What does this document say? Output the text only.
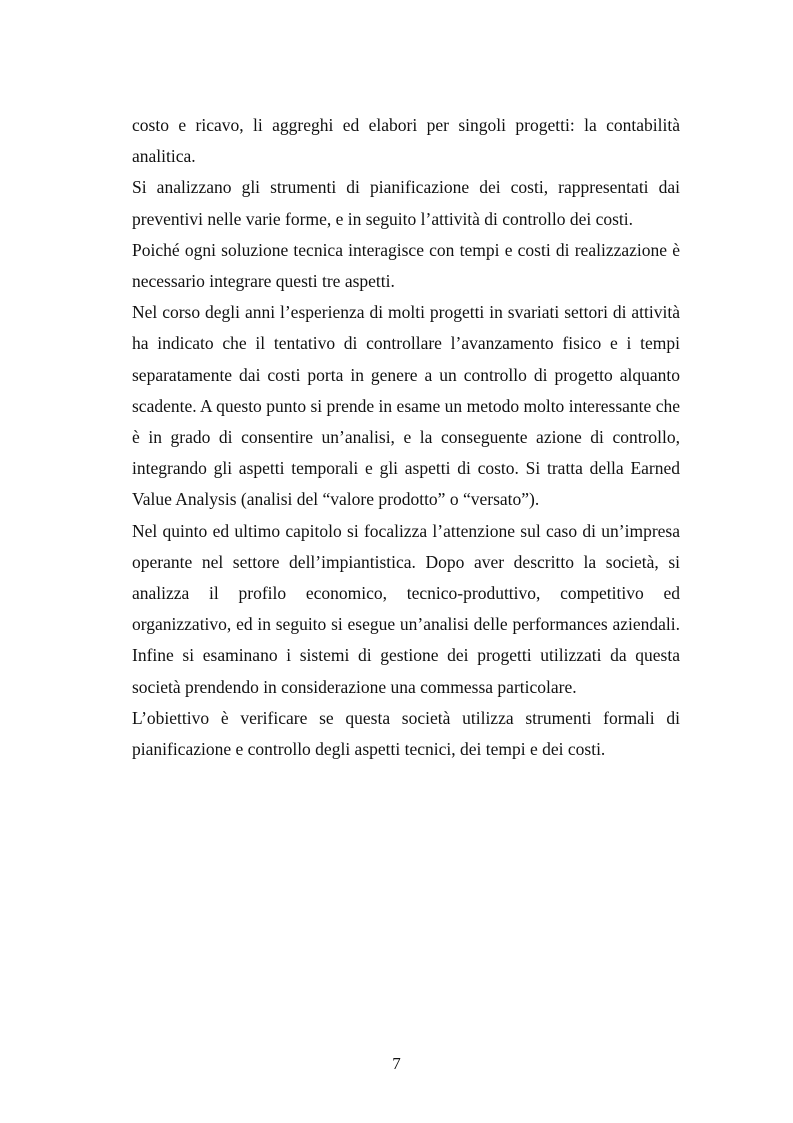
costo e ricavo, li aggreghi ed elabori per singoli progetti: la contabilità analitica.

Si analizzano gli strumenti di pianificazione dei costi, rappresentati dai preventivi nelle varie forme, e in seguito l’attività di controllo dei costi.

Poiché ogni soluzione tecnica interagisce con tempi e costi di realizzazione è necessario integrare questi tre aspetti.

Nel corso degli anni l’esperienza di molti progetti in svariati settori di attività ha indicato che il tentativo di controllare l’avanzamento fisico e i tempi separatamente dai costi porta in genere a un controllo di progetto alquanto scadente. A questo punto si prende in esame un metodo molto interessante che è in grado di consentire un’analisi, e la conseguente azione di controllo, integrando gli aspetti temporali e gli aspetti di costo. Si tratta della Earned Value Analysis (analisi del “valore prodotto” o “versato”).

Nel quinto ed ultimo capitolo si focalizza l’attenzione sul caso di un’impresa operante nel settore dell’impiantistica. Dopo aver descritto la società, si analizza il profilo economico, tecnico-produttivo, competitivo ed organizzativo, ed in seguito si esegue un’analisi delle performances aziendali. Infine si esaminano i sistemi di gestione dei progetti utilizzati da questa società prendendo in considerazione una commessa particolare.

L’obiettivo è verificare se questa società utilizza strumenti formali di pianificazione e controllo degli aspetti tecnici, dei tempi e dei costi.

7
